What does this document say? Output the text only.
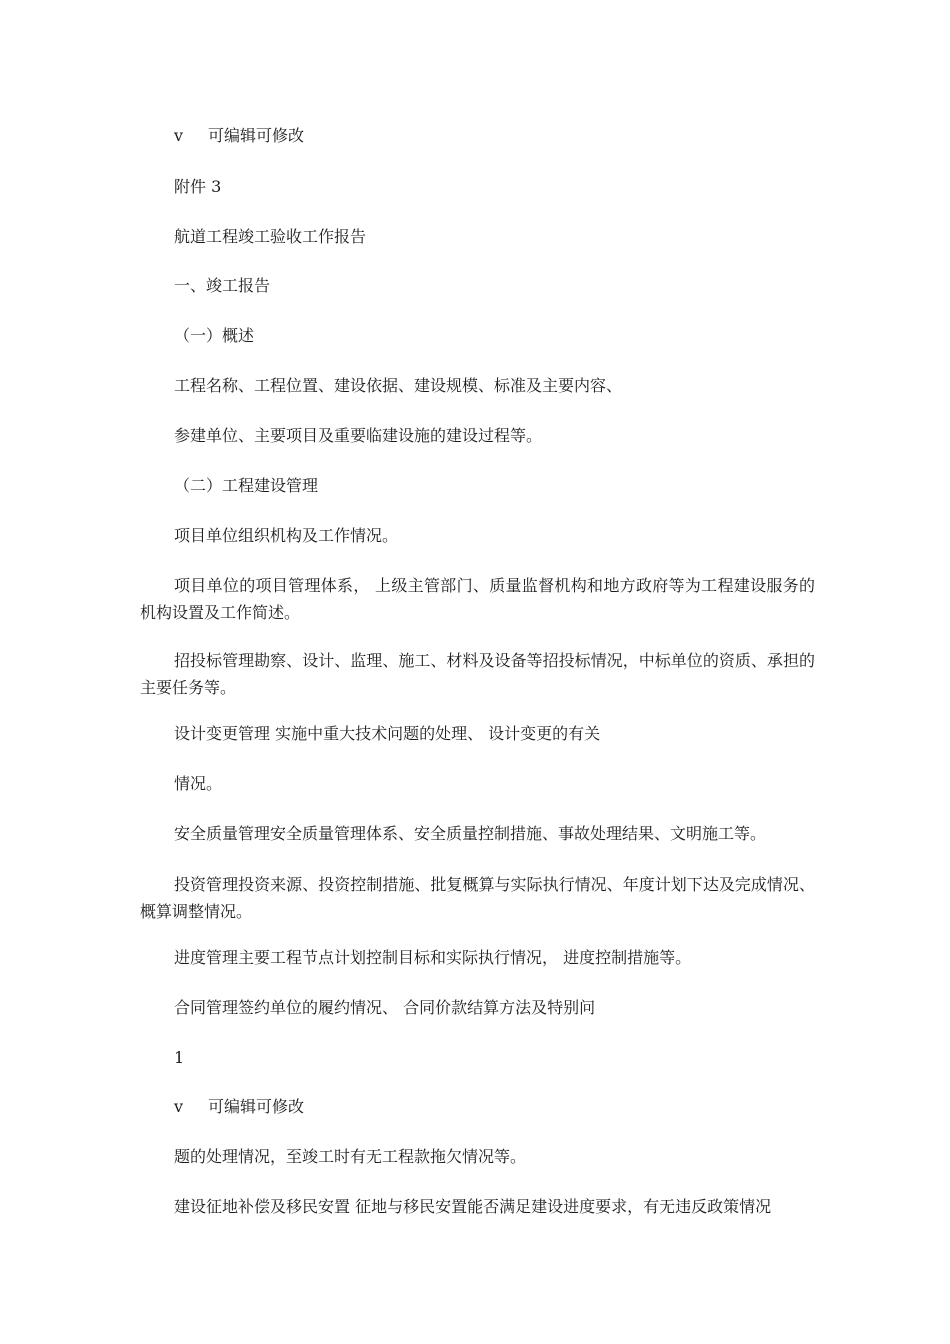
v 可编辑可修改
附件 3
航道工程竣工验收工作报告
一、竣工报告
（一）概述
工程名称、工程位置、建设依据、建设规模、标准及主要内容、
参建单位、主要项目及重要临建设施的建设过程等。
（二）工程建设管理
项目单位组织机构及工作情况。

项目单位的项目管理体系， 上级主管部门、质量监督机构和地方政府等为工程建设服务的机构设置及工作简述。

招投标管理勘察、设计、监理、施工、材料及设备等招投标情况，中标单位的资质、承担的主要任务等。

设计变更管理 实施中重大技术问题的处理、 设计变更的有关
情况。
安全质量管理安全质量管理体系、安全质量控制措施、事故处理结果、文明施工等。

投资管理投资来源、投资控制措施、批复概算与实际执行情况、年度计划下达及完成情况、概算调整情况。

进度管理主要工程节点计划控制目标和实际执行情况， 进度控制措施等。
合同管理签约单位的履约情况、 合同价款结算方法及特别问
1
v 可编辑可修改
题的处理情况，至竣工时有无工程款拖欠情况等。
建设征地补偿及移民安置 征地与移民安置能否满足建设进度要求，有无违反政策情况
